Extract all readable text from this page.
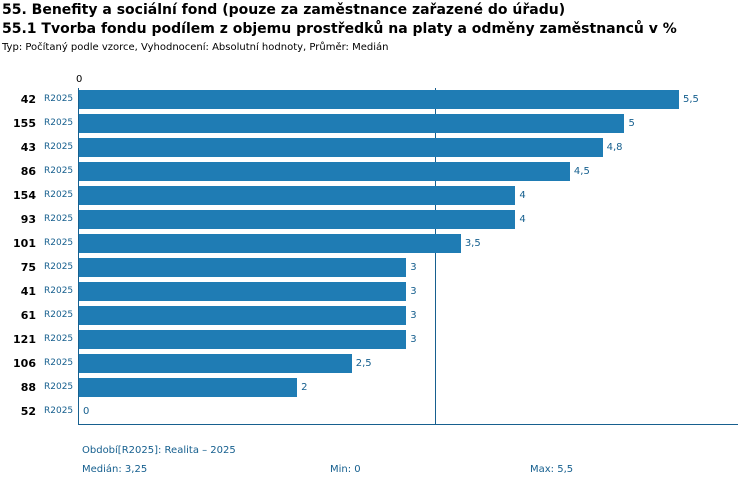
55. Benefity a sociální fond (pouze za zaměstnance zařazené do úřadu)
55.1 Tvorba fondu podílem z objemu prostředků na platy a odměny zaměstnanců v %
Typ: Počítaný podle vzorce, Vyhodnocení: Absolutní hodnoty, Průměr: Medián
0
42 R2025	5,5
155 R2025	5
43 R2025	4,8
86 R2025	4,5
154 R2025	4
93 R2025	4
101 R2025	3,5
75 R2025	3
41 R2025	3
61 R2025	3
121 R2025	3
106 R2025	2,5
88 R2025	2
52 R2025 0
Období[R2025]: Realita – 2025
Medián: 3,25	Min: 0	Max: 5,5
